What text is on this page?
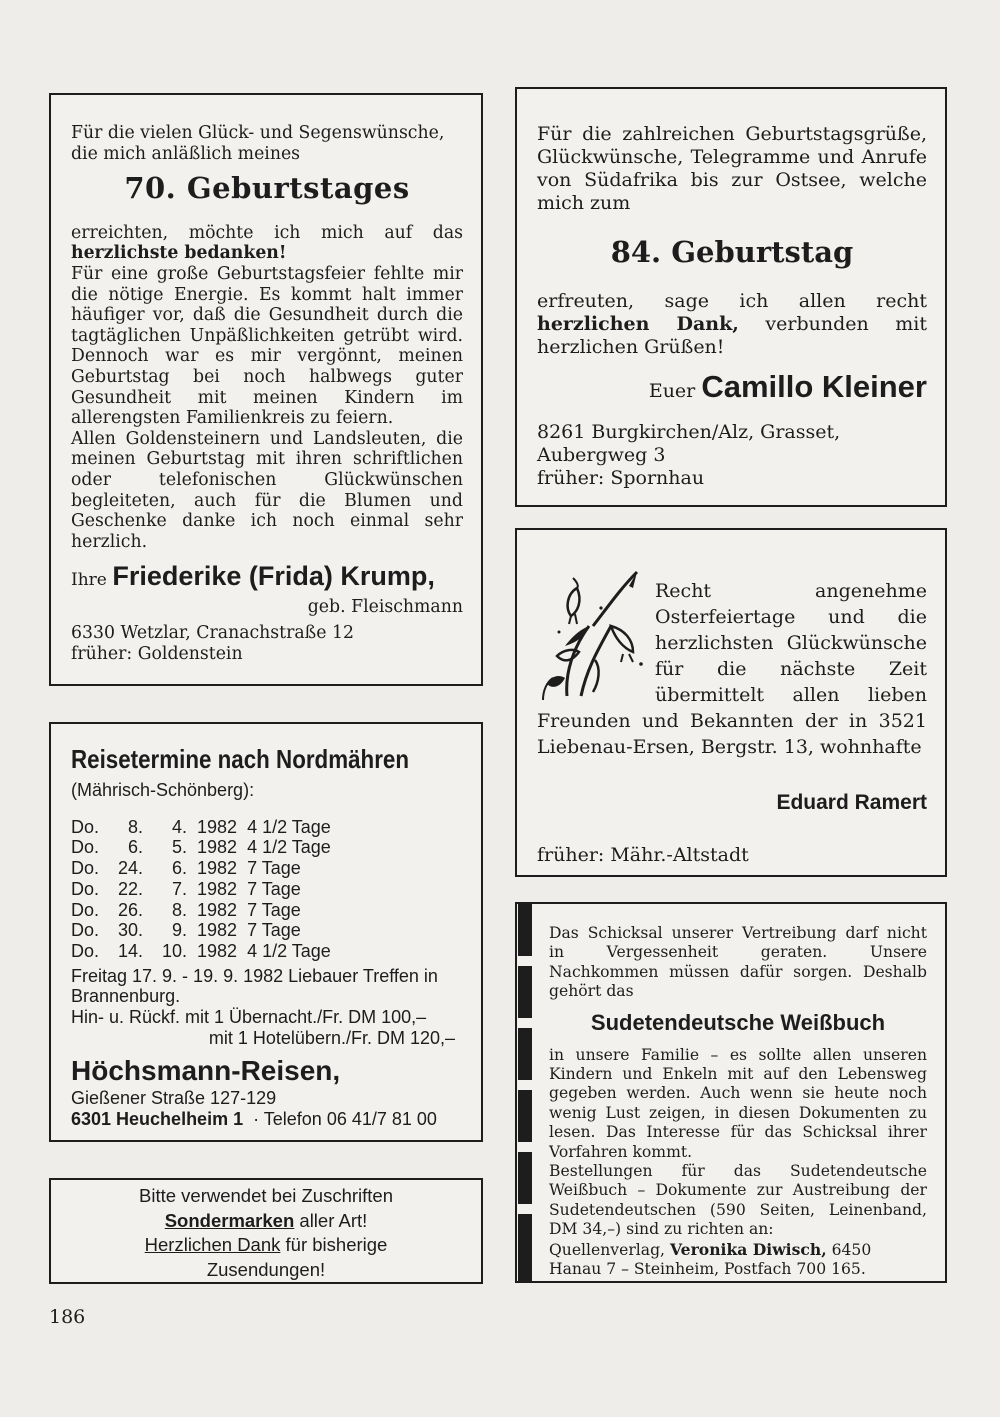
Für die vielen Glück- und Segenswünsche, die mich anläßlich meines

70. Geburtstages

erreichten, möchte ich mich auf das herzlichste bedanken!

Für eine große Geburtstagsfeier fehlte mir die nötige Energie. Es kommt halt immer häufiger vor, daß die Gesundheit durch die tagtäglichen Unpäßlichkeiten getrübt wird. Dennoch war es mir vergönnt, meinen Geburtstag bei noch halbwegs guter Gesundheit mit meinen Kindern im allerengsten Familienkreis zu feiern.

Allen Goldensteinern und Landsleuten, die meinen Geburtstag mit ihren schriftlichen oder telefonischen Glückwünschen begleiteten, auch für die Blumen und Geschenke danke ich noch einmal sehr herzlich.

Ihre Friederike (Frida) Krump,
geb. Fleischmann
6330 Wetzlar, Cranachstraße 12
früher: Goldenstein

Für die zahlreichen Geburtstagsgrüße, Glückwünsche, Telegramme und Anrufe von Südafrika bis zur Ostsee, welche mich zum

84. Geburtstag

erfreuten, sage ich allen recht herzlichen Dank, verbunden mit herzlichen Grüßen!

Euer Camillo Kleiner
8261 Burgkirchen/Alz, Grasset,
Aubergweg 3
früher: Spornhau

Recht angenehme Osterfeiertage und die herzlichsten Glückwünsche für die nächste Zeit übermittelt allen lieben Freunden und Bekannten der in 3521 Liebenau-Ersen, Bergstr. 13, wohnhafte

Eduard Ramert
früher: Mähr.-Altstadt
Reisetermine nach Nordmähren
(Mährisch-Schönberg):
Do.	8.	4.	1982	4 1/2 Tage
Do.	6.	5.	1982	4 1/2 Tage
Do.	24.	6.	1982	7 Tage
Do.	22.	7.	1982	7 Tage
Do.	26.	8.	1982	7 Tage
Do.	30.	9.	1982	7 Tage
Do.	14.	10.	1982	4 1/2 Tage
Freitag 17. 9. - 19. 9. 1982 Liebauer Treffen in Brannenburg.
Hin- u. Rückf. mit 1 Übernacht./Fr. DM 100,–
mit 1 Hotelübern./Fr. DM 120,–
Höchsmann-Reisen,
Gießener Straße 127-129
6301 Heuchelheim 1 · Telefon 06 41/7 81 00
Bitte verwendet bei Zuschriften
Sondermarken aller Art!
Herzlichen Dank für bisherige
Zusendungen!

Das Schicksal unserer Vertreibung darf nicht in Vergessenheit geraten. Unsere Nachkommen müssen dafür sorgen. Deshalb gehört das

Sudetendeutsche Weißbuch

in unsere Familie – es sollte allen unseren Kindern und Enkeln mit auf den Lebensweg gegeben werden. Auch wenn sie heute noch wenig Lust zeigen, in diesen Dokumenten zu lesen. Das Interesse für das Schicksal ihrer Vorfahren kommt.

Bestellungen für das Sudetendeutsche Weißbuch – Dokumente zur Austreibung der Sudetendeutschen (590 Seiten, Leinenband, DM 34,–) sind zu richten an:

Quellenverlag, Veronika Diwisch, 6450 Hanau 7 – Steinheim, Postfach 700 165.

186
